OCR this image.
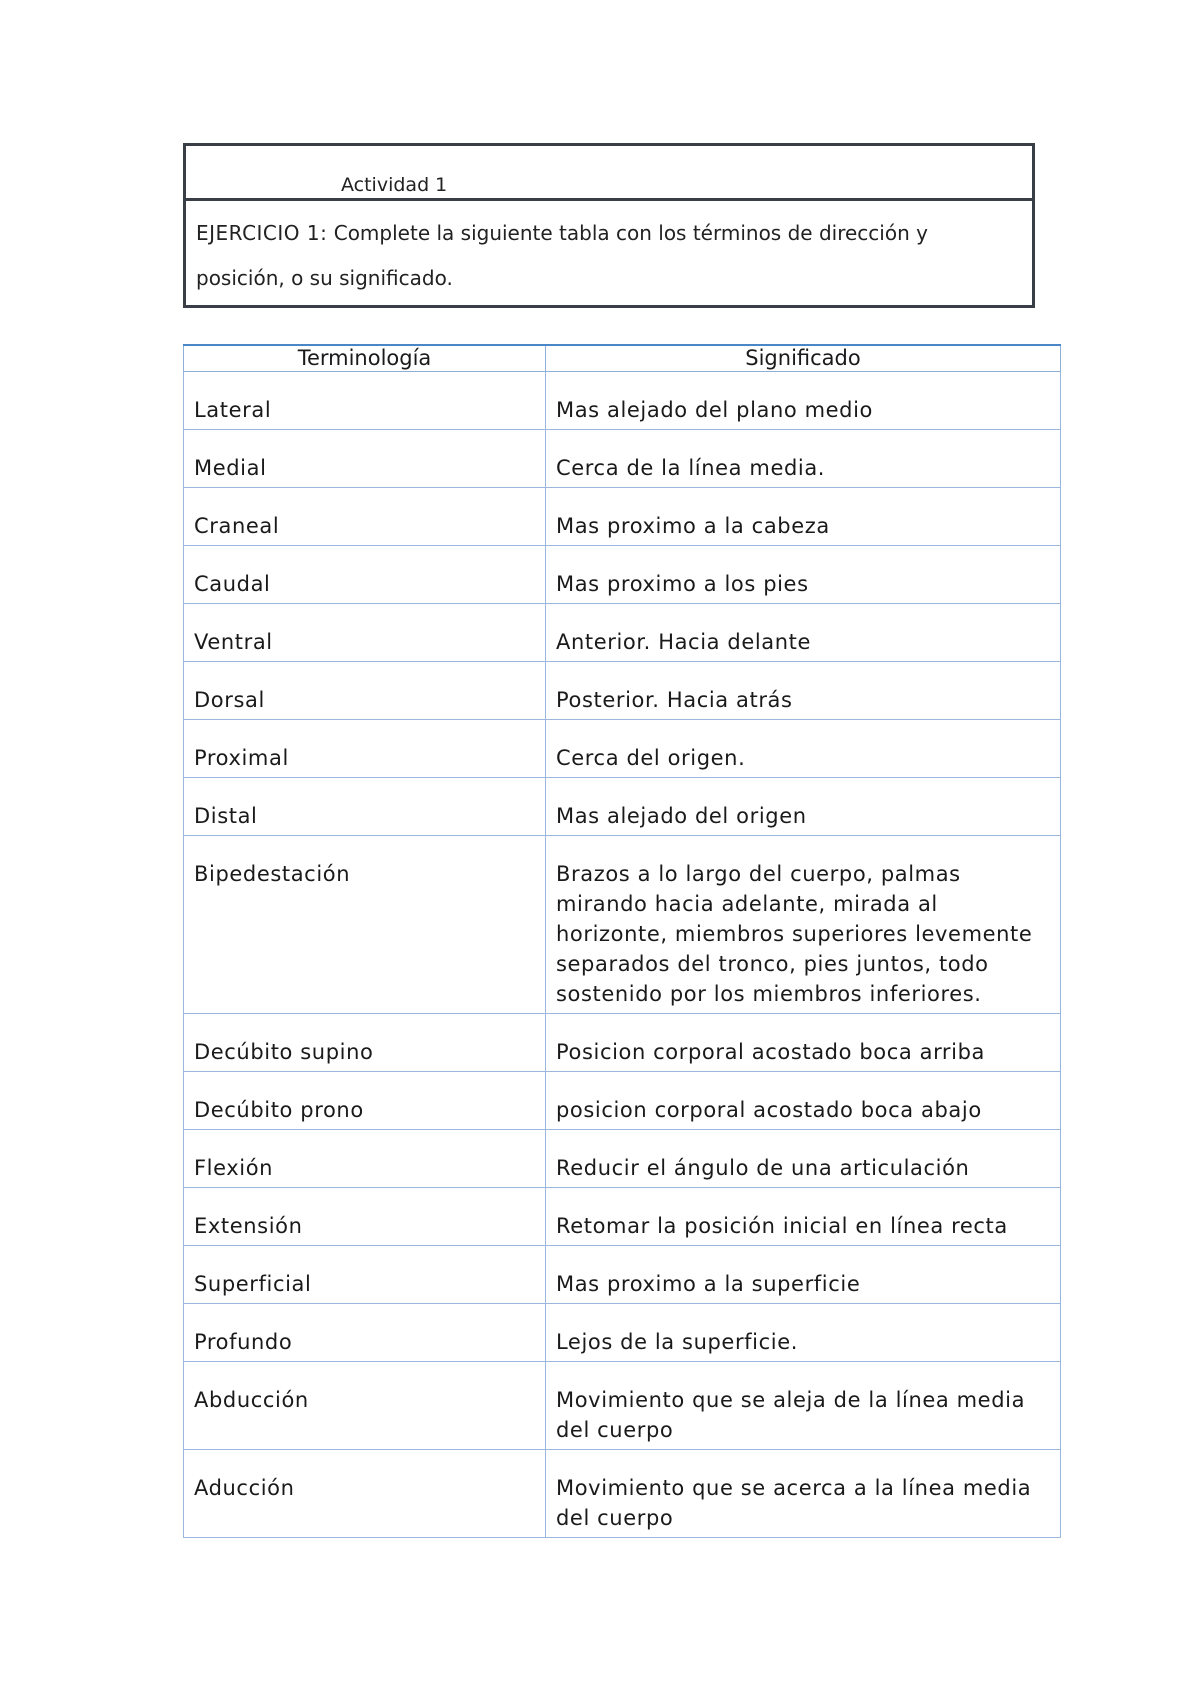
Actividad 1
EJERCICIO 1: Complete la siguiente tabla con los términos de dirección y posición, o su significado.
Terminología	Significado
Lateral	Mas alejado del plano medio
Medial	Cerca de la línea media.
Craneal	Mas proximo a la cabeza
Caudal	Mas proximo a los pies
Ventral	Anterior. Hacia delante
Dorsal	Posterior. Hacia atrás
Proximal	Cerca del origen.
Distal	Mas alejado del origen
Bipedestación	Brazos a lo largo del cuerpo, palmas mirando hacia adelante, mirada al horizonte, miembros superiores levemente separados del tronco, pies juntos, todo sostenido por los miembros inferiores.
Decúbito supino	Posicion corporal acostado boca arriba
Decúbito prono	posicion corporal acostado boca abajo
Flexión	Reducir el ángulo de una articulación
Extensión	Retomar la posición inicial en línea recta
Superficial	Mas proximo a la superficie
Profundo	Lejos de la superficie.
Abducción	Movimiento que se aleja de la línea media del cuerpo
Aducción	Movimiento que se acerca a la línea media del cuerpo
